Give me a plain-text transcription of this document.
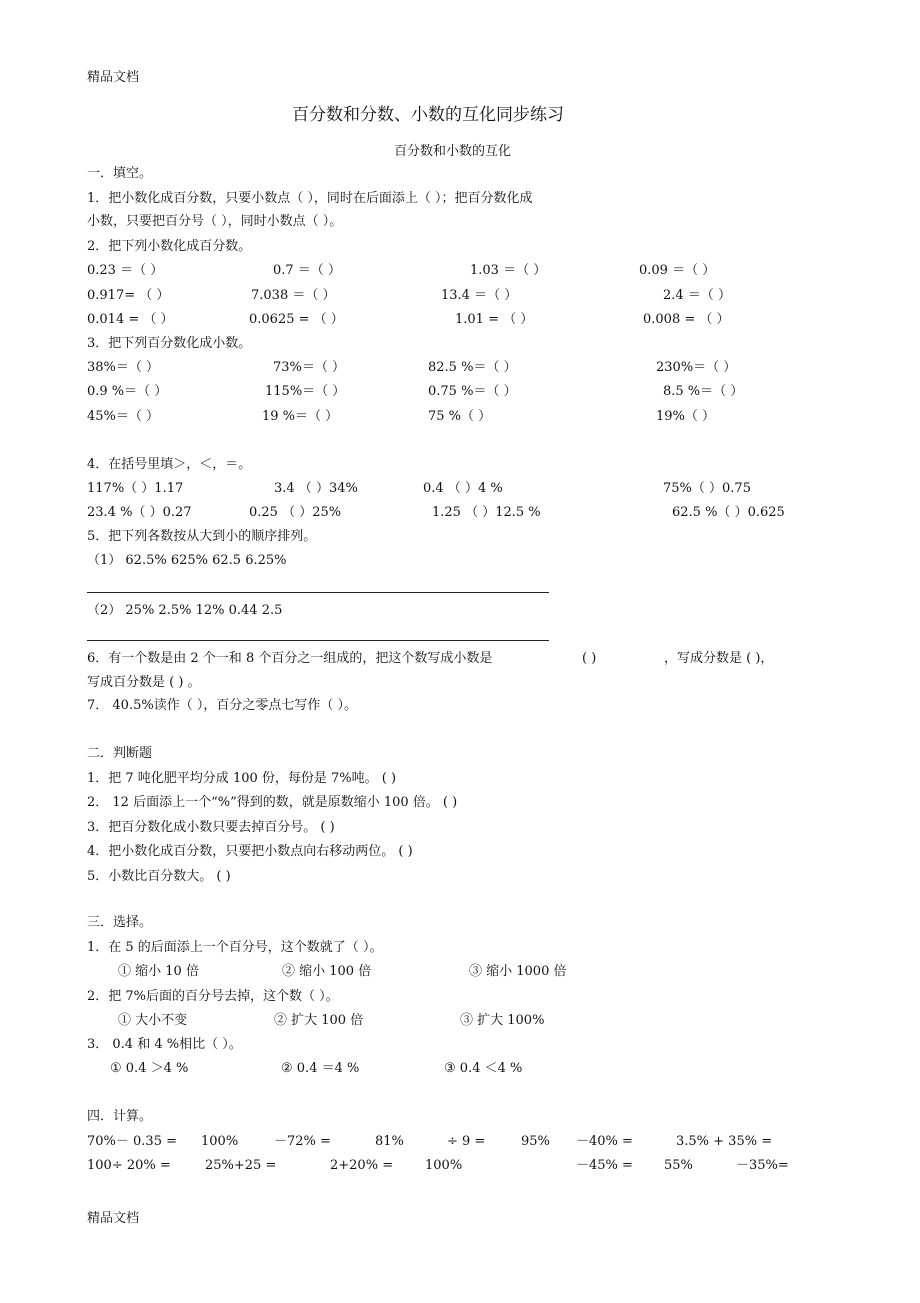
精品文档
百分数和分数、小数的互化同步练习
百分数和小数的互化
一．填空。
1．把小数化成百分数，只要小数点（ ），同时在后面添上（ ）；把百分数化成
小数，只要把百分号（ ），同时小数点（ ）。
2．把下列小数化成百分数。
0.23 ＝（ ）	0.7 ＝（ ）	1.03 ＝（ ）	0.09 ＝（ ）
0.917= （ ）	7.038 ＝（ ）	13.4 ＝（ ）	2.4 ＝（ ）
0.014 = （ ）	0.0625 = （ ）	1.01 = （ ）	0.008 = （ ）
3．把下列百分数化成小数。
38%＝（ ）	73%＝（ ）	82.5 %＝（ ）	230%＝（ ）
0.9 %＝（ ）	115%＝（ ）	0.75 %＝（ ）	8.5 %＝（ ）
45%＝（ ）	19 %＝（ ）	75 %（ ）	19%（ ）
4．在括号里填＞，＜，＝。
117%（ ）1.17	3.4 （ ）34%	0.4 （ ）4 %	75%（ ）0.75
23.4 %（ ）0.27	0.25 （ ）25%	1.25 （ ）12.5 %	62.5 %（ ）0.625
5．把下列各数按从大到小的顺序排列。
（1） 62.5% 625% 62.5 6.25%
（2） 25% 2.5% 12% 0.44 2.5
6．有一个数是由 2 个一和 8 个百分之一组成的，把这个数写成小数是	( )	，写成分数是 ( )，
写成百分数是 ( ) 。
7． 40.5%读作（ ），百分之零点七写作（ ）。
二．判断题
1．把 7 吨化肥平均分成 100 份，每份是 7%吨。 ( )
2． 12 后面添上一个“%”得到的数，就是原数缩小 100 倍。 ( )
3．把百分数化成小数只要去掉百分号。 ( )
4．把小数化成百分数，只要把小数点向右移动两位。 ( )
5．小数比百分数大。 ( )
三．选择。
1．在 5 的后面添上一个百分号，这个数就了（ ）。
① 缩小 10 倍	② 缩小 100 倍	③ 缩小 1000 倍
2．把 7%后面的百分号去掉，这个数（ ）。
① 大小不变	② 扩大 100 倍	③ 扩大 100%
3． 0.4 和 4 %相比（ ）。
① 0.4 ＞4 %	② 0.4 ＝4 %	③ 0.4 ＜4 %
四．计算。
70%－ 0.35 = 100%	－72% =	81%	÷ 9 =	95% －40% =	3.5% + 35% =
100÷ 20% =	25%+25 =	2+20% = 100%	－45% = 55%	－35%=
精品文档
